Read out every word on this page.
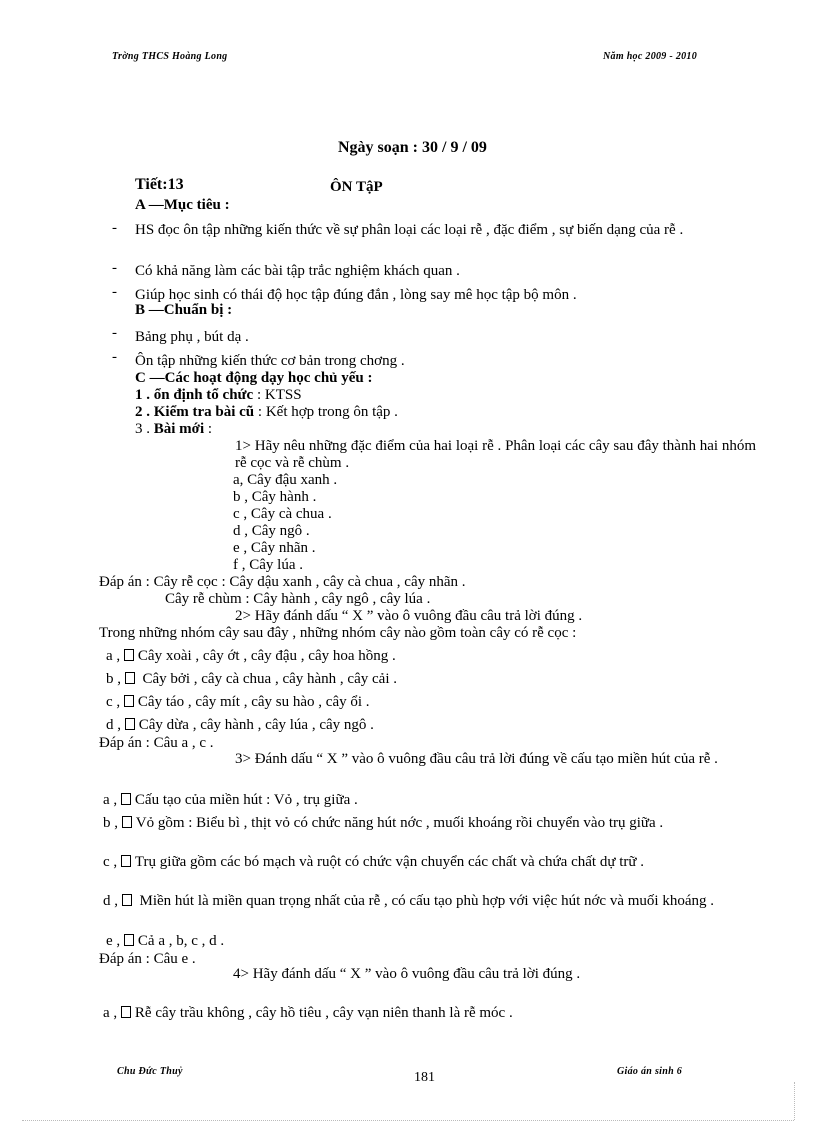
Trờng THCS Hoàng Long	Năm học 2009 - 2010
Ngày soạn : 30 / 9 / 09
Tiết:13	ÔN TậP
A —Mục tiêu :
- HS đọc ôn tập những kiến thức về sự phân loại các loại rễ , đặc điểm , sự biến dạng của rễ .
- Có khả năng làm các bài tập trắc nghiệm khách quan .
- Giúp học sinh có thái độ học tập đúng đắn , lòng say mê học tập bộ môn .
B —Chuẩn bị :
- Bảng phụ , bút dạ .
- Ôn tập những kiến thức cơ bản trong chơng .
C —Các hoạt động dạy học chủ yếu :
1 . ổn định tổ chức : KTSS
2 . Kiểm tra bài cũ : Kết hợp trong ôn tập .
3 . Bài mới :
1> Hãy nêu những đặc điểm của hai loại rễ . Phân loại các cây sau đây thành hai nhóm rễ cọc và rễ chùm .
a, Cây đậu xanh .
b , Cây hành .
c , Cây cà chua .
d , Cây ngô .
e , Cây nhãn .
f , Cây lúa .
Đáp án : Cây rễ cọc : Cây dậu xanh , cây cà chua , cây nhãn .
Cây rễ chùm : Cây hành , cây ngô , cây lúa .
2> Hãy đánh dấu “ X ” vào ô vuông đầu câu trả lời đúng .
Trong những nhóm cây sau đây , những nhóm cây nào gồm toàn cây có rễ cọc :
a , Cây xoài , cây ớt , cây đậu , cây hoa hồng .
b ,  Cây bởi , cây cà chua , cây hành , cây cải .
c , Cây táo , cây mít , cây su hào , cây ổi .
d , Cây dừa , cây hành , cây lúa , cây ngô .
Đáp án : Câu a , c .
3> Đánh dấu “ X ” vào ô vuông đầu câu trả lời đúng về cấu tạo miền hút của rễ .
a , Cấu tạo của miền hút : Vỏ , trụ giữa .
b , Vỏ gồm : Biểu bì , thịt vỏ có chức năng hút nớc , muối khoáng rồi chuyển vào trụ giữa .
c , Trụ giữa gồm các bó mạch và ruột có chức vận chuyển các chất và chứa chất dự trữ .
d ,  Miền hút là miền quan trọng nhất của rễ , có cấu tạo phù hợp với việc hút nớc và muối khoáng .
e , Cả a , b, c , d .
Đáp án : Câu e .
4> Hãy đánh dấu “ X ” vào ô vuông đầu câu trả lời đúng .
a , Rễ cây trầu không , cây hồ tiêu , cây vạn niên thanh là rễ móc .
Chu Đức Thuỷ	181	Giáo án sinh 6
